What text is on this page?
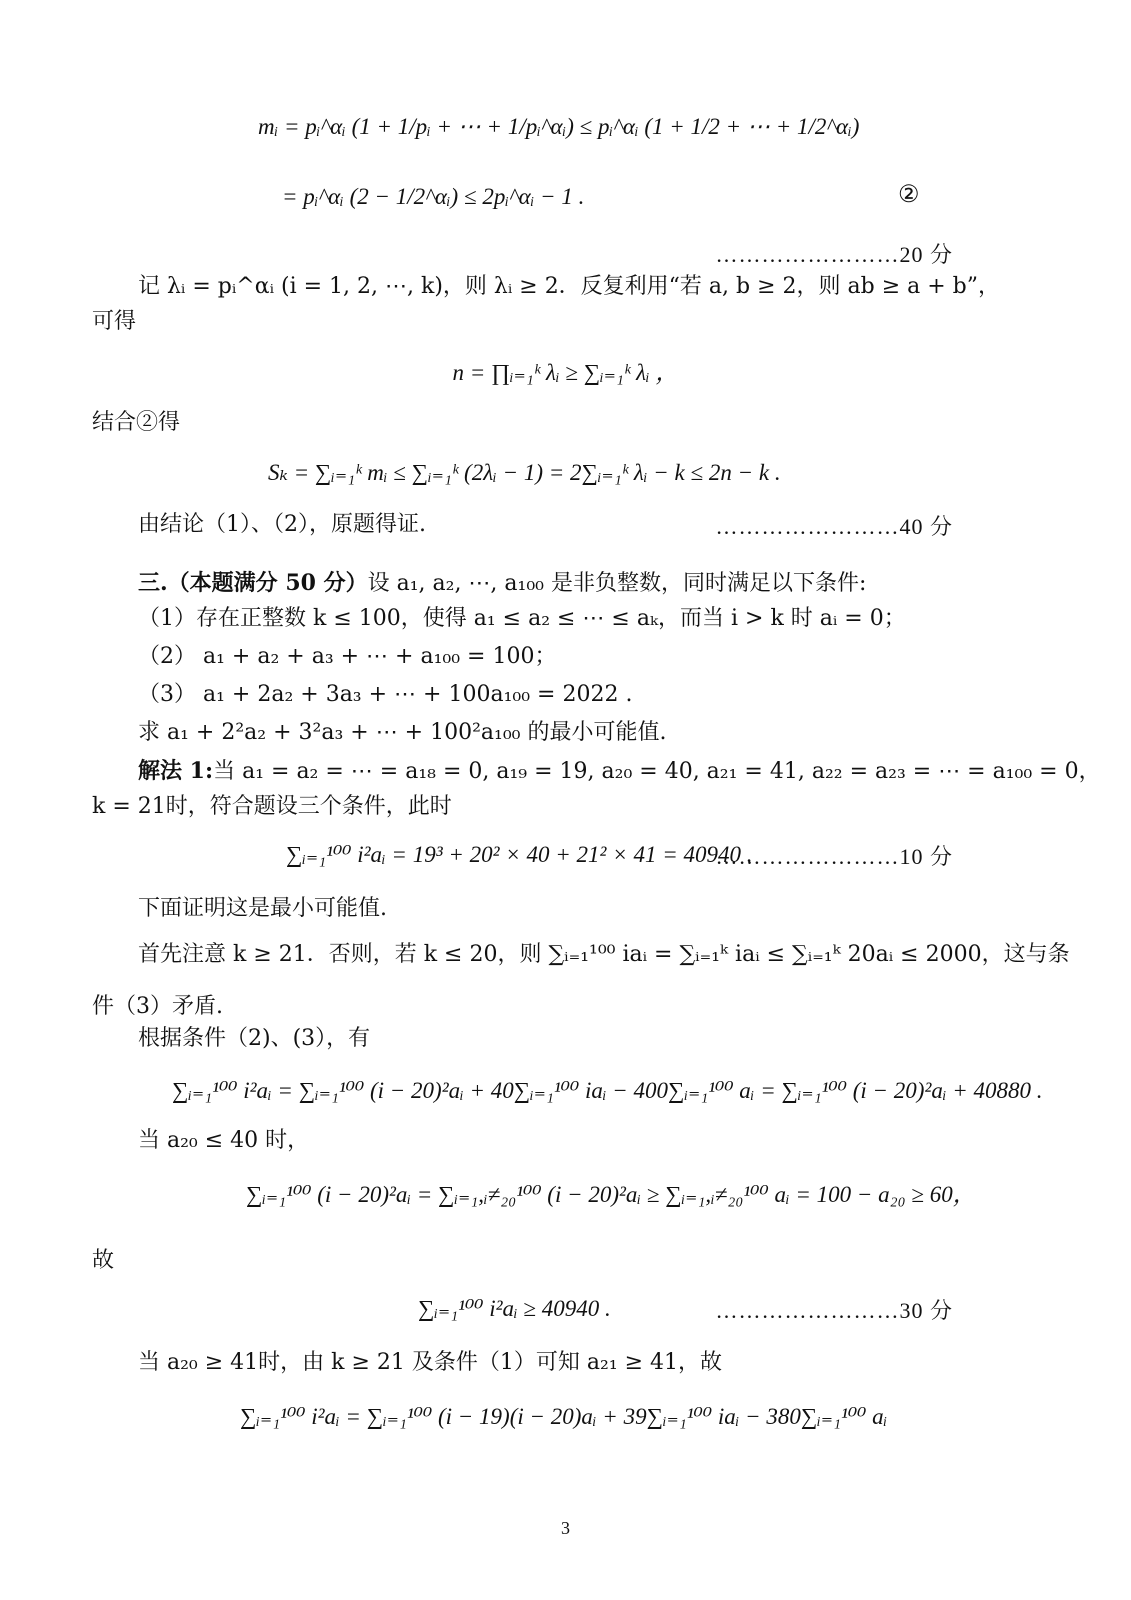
mᵢ = pᵢ^αᵢ (1 + 1/pᵢ + ⋯ + 1/pᵢ^αᵢ) ≤ pᵢ^αᵢ (1 + 1/2 + ⋯ + 1/2^αᵢ)
= pᵢ^αᵢ (2 − 1/2^αᵢ) ≤ 2pᵢ^αᵢ − 1 .	②
……………………20 分
记 λᵢ = pᵢ^αᵢ (i = 1, 2, ⋯, k)，则 λᵢ ≥ 2．反复利用“若 a, b ≥ 2，则 ab ≥ a + b”，
可得
n = ∏ᵢ₌₁ᵏ λᵢ ≥ ∑ᵢ₌₁ᵏ λᵢ ，
结合②得
Sₖ = ∑ᵢ₌₁ᵏ mᵢ ≤ ∑ᵢ₌₁ᵏ (2λᵢ − 1) = 2∑ᵢ₌₁ᵏ λᵢ − k ≤ 2n − k .
由结论（1）、（2），原题得证.	……………………40 分
三.（本题满分 50 分）设 a₁, a₂, ⋯, a₁₀₀ 是非负整数，同时满足以下条件:
（1）存在正整数 k ≤ 100，使得 a₁ ≤ a₂ ≤ ⋯ ≤ aₖ，而当 i > k 时 aᵢ = 0；
（2） a₁ + a₂ + a₃ + ⋯ + a₁₀₀ = 100；
（3） a₁ + 2a₂ + 3a₃ + ⋯ + 100a₁₀₀ = 2022 .
求 a₁ + 2²a₂ + 3²a₃ + ⋯ + 100²a₁₀₀ 的最小可能值.
解法 1:当 a₁ = a₂ = ⋯ = a₁₈ = 0, a₁₉ = 19, a₂₀ = 40, a₂₁ = 41, a₂₂ = a₂₃ = ⋯ = a₁₀₀ = 0，
k = 21时，符合题设三个条件，此时
∑ᵢ₌₁¹⁰⁰ i²aᵢ = 19³ + 20² × 40 + 21² × 41 = 40940 .
……………………10 分
下面证明这是最小可能值.
首先注意 k ≥ 21．否则，若 k ≤ 20，则 ∑ᵢ₌₁¹⁰⁰ iaᵢ = ∑ᵢ₌₁ᵏ iaᵢ ≤ ∑ᵢ₌₁ᵏ 20aᵢ ≤ 2000，这与条
件（3）矛盾.
根据条件（2)、(3），有
∑ᵢ₌₁¹⁰⁰ i²aᵢ = ∑ᵢ₌₁¹⁰⁰ (i − 20)²aᵢ + 40∑ᵢ₌₁¹⁰⁰ iaᵢ − 400∑ᵢ₌₁¹⁰⁰ aᵢ = ∑ᵢ₌₁¹⁰⁰ (i − 20)²aᵢ + 40880 .
当 a₂₀ ≤ 40 时，
∑ᵢ₌₁¹⁰⁰ (i − 20)²aᵢ = ∑ᵢ₌₁,ᵢ≠₂₀¹⁰⁰ (i − 20)²aᵢ ≥ ∑ᵢ₌₁,ᵢ≠₂₀¹⁰⁰ aᵢ = 100 − a₂₀ ≥ 60，
故
∑ᵢ₌₁¹⁰⁰ i²aᵢ ≥ 40940 .	……………………30 分
当 a₂₀ ≥ 41时，由 k ≥ 21 及条件（1）可知 a₂₁ ≥ 41，故
∑ᵢ₌₁¹⁰⁰ i²aᵢ = ∑ᵢ₌₁¹⁰⁰ (i − 19)(i − 20)aᵢ + 39∑ᵢ₌₁¹⁰⁰ iaᵢ − 380∑ᵢ₌₁¹⁰⁰ aᵢ
3
